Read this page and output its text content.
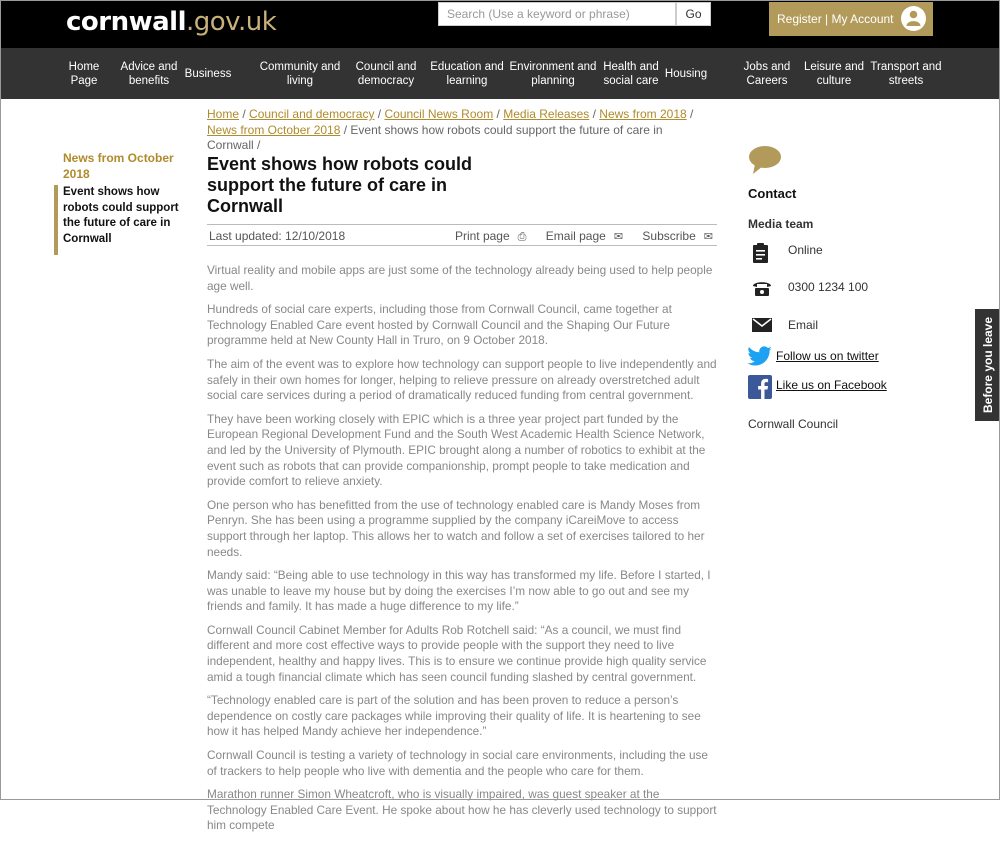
cornwall.gov.uk	Search (Use a keyword or phrase)	Go	Register | My Account
Home
Page
Advice and
benefits
Business
Community and
living
Council and
democracy
Education and
learning
Environment and
planning
Health and
social care
Housing
Jobs and
Careers
Leisure and
culture
Transport and
streets
Home / Council and democracy / Council News Room / Media Releases / News from 2018 / News from October 2018 / Event shows how robots could support the future of care in Cornwall /
News from October 2018
Event shows how robots could support the future of care in Cornwall
Event shows how robots could support the future of care in Cornwall
Last updated: 12/10/2018	Print page ⎙ Email page ✉ Subscribe ✉

Virtual reality and mobile apps are just some of the technology already being used to help people age well.

Hundreds of social care experts, including those from Cornwall Council, came together at Technology Enabled Care event hosted by Cornwall Council and the Shaping Our Future programme held at New County Hall in Truro, on 9 October 2018.

The aim of the event was to explore how technology can support people to live independently and safely in their own homes for longer, helping to relieve pressure on already overstretched adult social care services during a period of dramatically reduced funding from central government.

They have been working closely with EPIC which is a three year project part funded by the European Regional Development Fund and the South West Academic Health Science Network, and led by the University of Plymouth. EPIC brought along a number of robotics to exhibit at the event such as robots that can provide companionship, prompt people to take medication and provide comfort to relieve anxiety.

One person who has benefitted from the use of technology enabled care is Mandy Moses from Penryn. She has been using a programme supplied by the company iCareiMove to access support through her laptop. This allows her to watch and follow a set of exercises tailored to her needs.

Mandy said: “Being able to use technology in this way has transformed my life. Before I started, I was unable to leave my house but by doing the exercises I’m now able to go out and see my friends and family. It has made a huge difference to my life.”

Cornwall Council Cabinet Member for Adults Rob Rotchell said: “As a council, we must find different and more cost effective ways to provide people with the support they need to live independent, healthy and happy lives. This is to ensure we continue provide high quality service amid a tough financial climate which has seen council funding slashed by central government.

“Technology enabled care is part of the solution and has been proven to reduce a person’s dependence on costly care packages while improving their quality of life. It is heartening to see how it has helped Mandy achieve her independence.”

Cornwall Council is testing a variety of technology in social care environments, including the use of trackers to help people who live with dementia and the people who care for them.

Marathon runner Simon Wheatcroft, who is visually impaired, was guest speaker at the Technology Enabled Care Event. He spoke about how he has cleverly used technology to support him compete

Contact
Media team
Online
0300 1234 100
Email
Follow us on twitter
Like us on Facebook
Cornwall Council
Before you leave
